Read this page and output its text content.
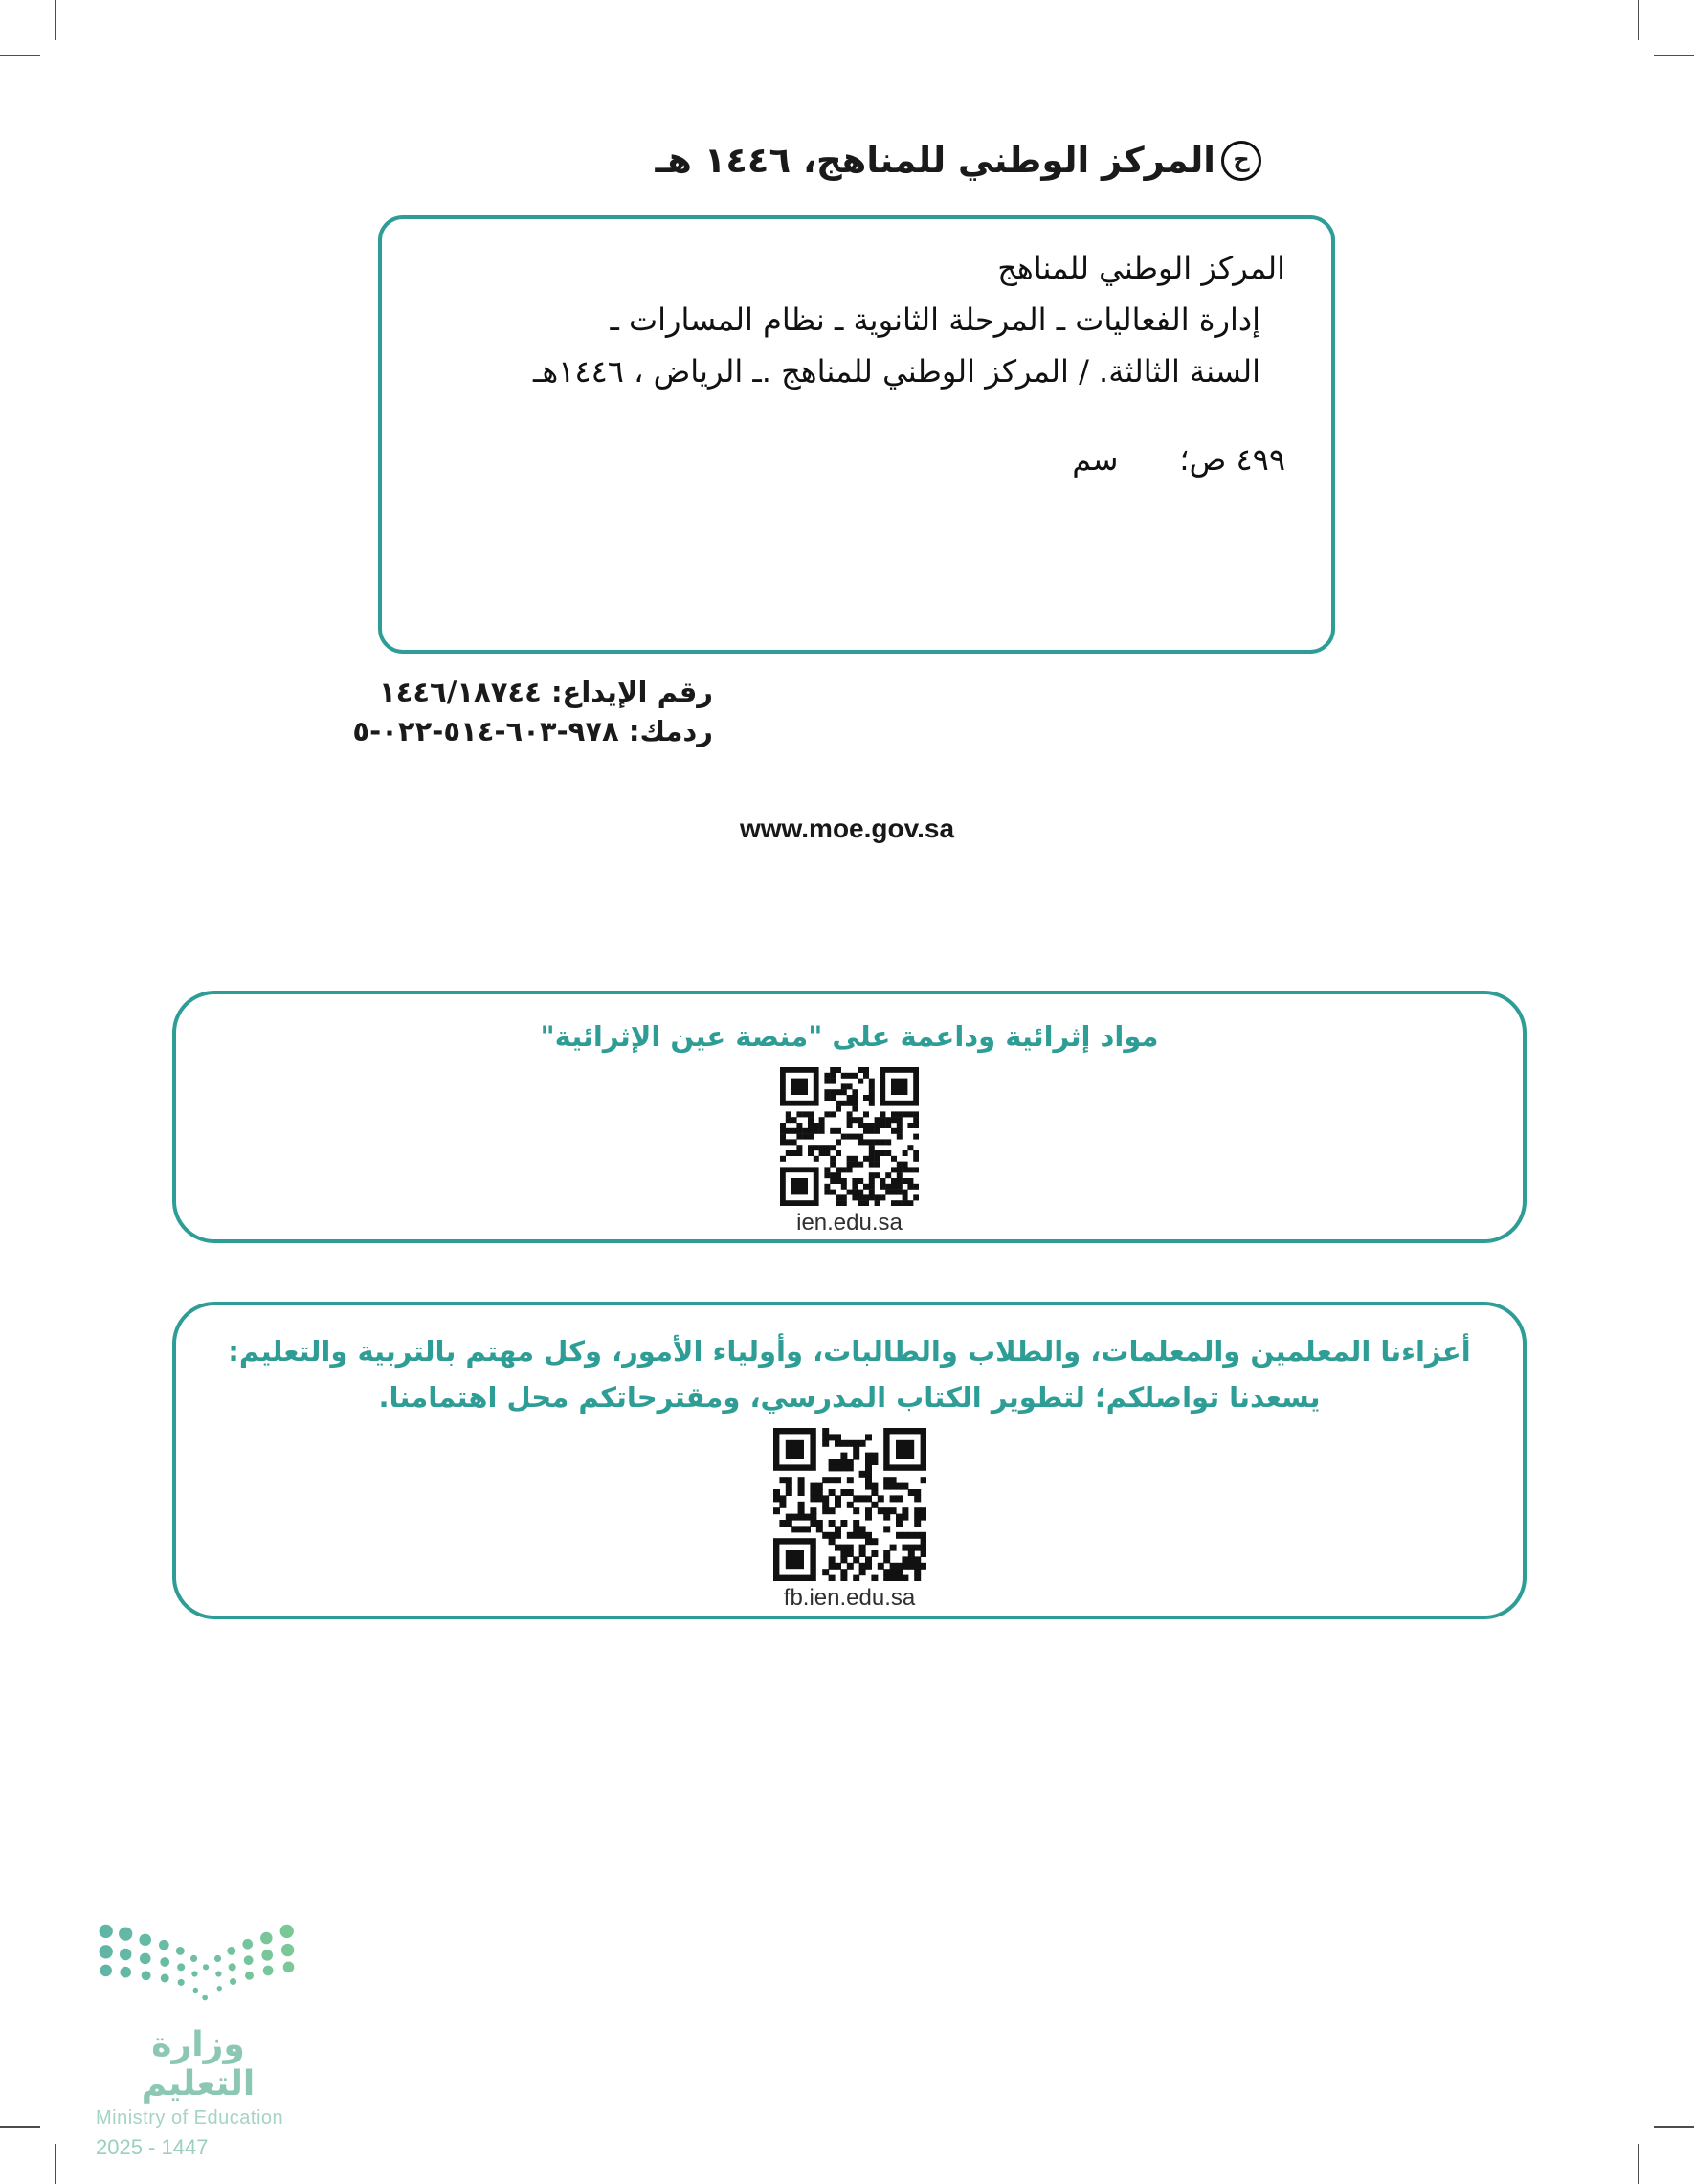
ح
المركز الوطني للمناهج، ١٤٤٦ هـ
المركز الوطني للمناهج
إدارة الفعاليات ـ المرحلة الثانوية ـ نظام المسارات ـ
السنة الثالثة. / المركز الوطني للمناهج .ـ الرياض ، ١٤٤٦هـ
٤٩٩ ص؛سم
رقم الإيداع: ١٤٤٦/١٨٧٤٤
ردمك: ٩٧٨-٦٠٣-٥١٤-٠٢٢-٥
www.moe.gov.sa
مواد إثرائية وداعمة على "منصة عين الإثرائية"
ien.edu.sa
أعزاءنا المعلمين والمعلمات، والطلاب والطالبات، وأولياء الأمور، وكل مهتم بالتربية والتعليم:
يسعدنا تواصلكم؛ لتطوير الكتاب المدرسي، ومقترحاتكم محل اهتمامنا.
fb.ien.edu.sa
وزارة التعليم
Ministry of Education
2025 - 1447
